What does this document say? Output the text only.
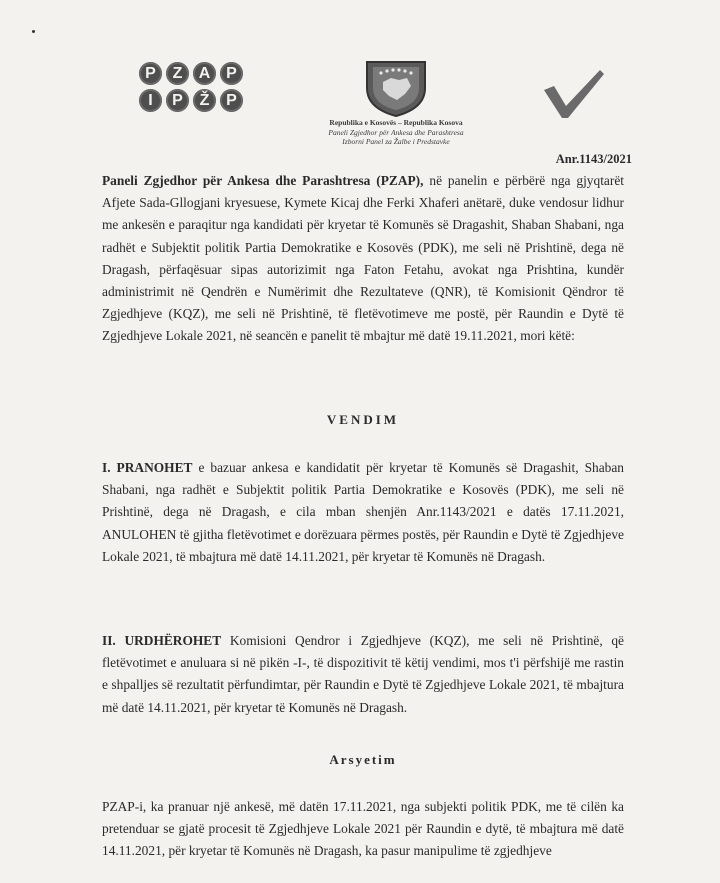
P	Z	A P
I	P	Ž	P
Republika e Kosovës – Republika Kosova
Paneli Zgjedhor për Ankesa dhe Parashtresa
Izborni Panel za Žalbe i Predstavke
Anr.1143/2021
Paneli Zgjedhor për Ankesa dhe Parashtresa (PZAP), në panelin e përbërë nga gjyqtarët Afjete Sada-Gllogjani kryesuese, Kymete Kicaj dhe Ferki Xhaferi anëtarë, duke vendosur lidhur me ankesën e paraqitur nga kandidati për kryetar të Komunës së Dragashit, Shaban Shabani, nga radhët e Subjektit politik Partia Demokratike e Kosovës (PDK), me seli në Prishtinë, dega në Dragash, përfaqësuar sipas autorizimit nga Faton Fetahu, avokat nga Prishtina, kundër administrimit në Qendrën e Numërimit dhe Rezultateve (QNR), të Komisionit Qëndror të Zgjedhjeve (KQZ), me seli në Prishtinë, të fletëvotimeve me postë, për Raundin e Dytë të Zgjedhjeve Lokale 2021, në seancën e panelit të mbajtur më datë 19.11.2021, mori këtë:
VENDIM
I. PRANOHET e bazuar ankesa e kandidatit për kryetar të Komunës së Dragashit, Shaban Shabani, nga radhët e Subjektit politik Partia Demokratike e Kosovës (PDK), me seli në Prishtinë, dega në Dragash, e cila mban shenjën Anr.1143/2021 e datës 17.11.2021, ANULOHEN të gjitha fletëvotimet e dorëzuara përmes postës, për Raundin e Dytë të Zgjedhjeve Lokale 2021, të mbajtura më datë 14.11.2021, për kryetar të Komunës në Dragash.
II. URDHËROHET Komisioni Qendror i Zgjedhjeve (KQZ), me seli në Prishtinë, që fletëvotimet e anuluara si në pikën -I-, të dispozitivit të këtij vendimi, mos t'i përfshijë me rastin e shpalljes së rezultatit përfundimtar, për Raundin e Dytë të Zgjedhjeve Lokale 2021, të mbajtura më datë 14.11.2021, për kryetar të Komunës në Dragash.
Arsyetim
PZAP-i, ka pranuar një ankesë, më datën 17.11.2021, nga subjekti politik PDK, me të cilën ka pretenduar se gjatë procesit të Zgjedhjeve Lokale 2021 për Raundin e dytë, të mbajtura më datë 14.11.2021, për kryetar të Komunës në Dragash, ka pasur manipulime të zgjedhjeve
